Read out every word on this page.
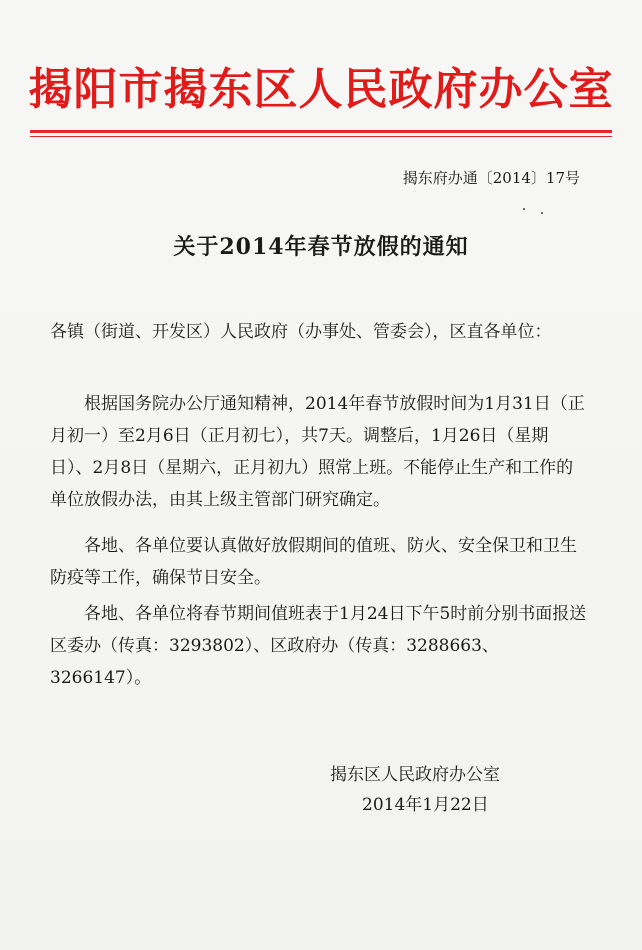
揭阳市揭东区人民政府办公室
揭东府办通〔2014〕17号
关于2014年春节放假的通知
各镇（街道、开发区）人民政府（办事处、管委会），区直各单位：
根据国务院办公厅通知精神，2014年春节放假时间为1月31日（正月初一）至2月6日（正月初七），共7天。调整后，1月26日（星期日）、2月8日（星期六，正月初九）照常上班。不能停止生产和工作的单位放假办法，由其上级主管部门研究确定。
各地、各单位要认真做好放假期间的值班、防火、安全保卫和卫生防疫等工作，确保节日安全。
各地、各单位将春节期间值班表于1月24日下午5时前分别书面报送区委办（传真：3293802）、区政府办（传真：3288663、3266147）。
揭东区人民政府办公室
2014年1月22日
